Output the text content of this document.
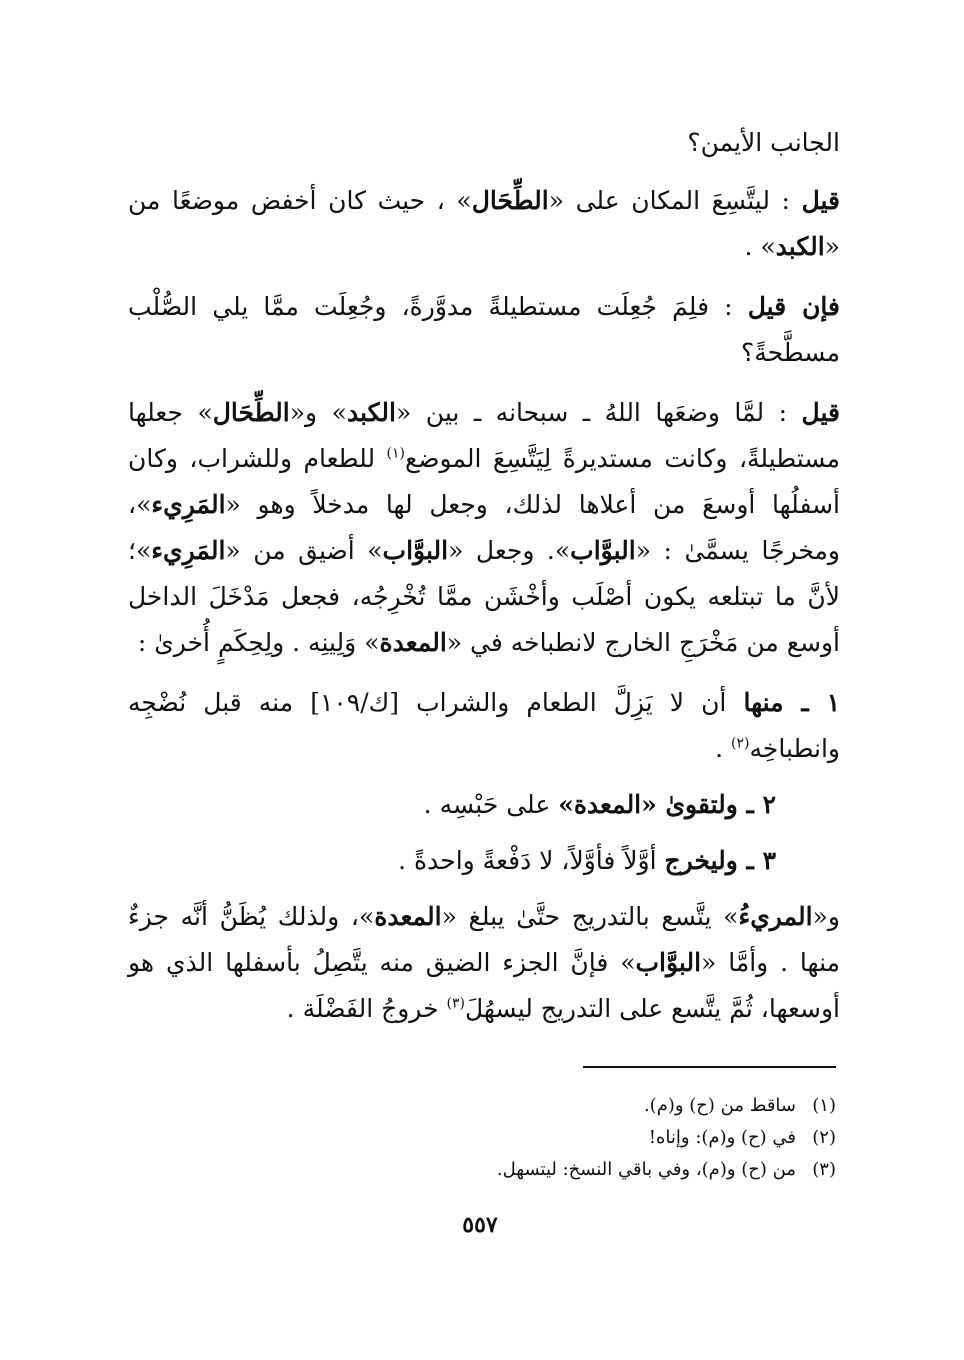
الجانب الأيمن؟

قيل : ليتَّسِعَ المكان على «الطِّحَال» ، حيث كان أخفض موضعًا من «الكبد» .

فإن قيل : فلِمَ جُعِلَت مستطيلةً مدوَّرةً، وجُعِلَت ممَّا يلي الصُّلْب مسطَّحةً؟

قيل : لمَّا وضعَها اللهُ ـ سبحانه ـ بين «الكبد» و«الطِّحَال» جعلها مستطيلةً، وكانت مستديرةً لِيَتَّسِعَ الموضع$^{(١)}$ للطعام وللشراب، وكان أسفلُها أوسعَ من أعلاها لذلك، وجعل لها مدخلاً وهو «المَرِيء»، ومخرجًا يسمَّىٰ : «البوَّاب». وجعل «البوَّاب» أضيق من «المَرِيء»؛ لأنَّ ما تبتلعه يكون أصْلَب وأخْشَن ممَّا تُخْرِجُه، فجعل مَدْخَلَ الداخل أوسع من مَخْرَجِ الخارج لانطباخه في «المعدة» وَلِينِه . ولِحِكَمٍ أُخرىٰ :

١ ـ منها أن لا يَزِلَّ الطعام والشراب [ك/١٠٩] منه قبل نُضْجِه وانطباخِه$^{(٢)}$ .

٢ ـ ولتقوىٰ «المعدة» على حَبْسِه .

٣ ـ وليخرج أوَّلاً فأوَّلاً، لا دَفْعةً واحدةً .

و«المريءُ» يتَّسع بالتدريج حتَّىٰ يبلغ «المعدة»، ولذلك يُظَنُّ أنَّه جزءٌ منها . وأمَّا «البوَّاب» فإنَّ الجزء الضيق منه يتَّصِلُ بأسفلها الذي هو أوسعها، ثُمَّ يتَّسع على التدريج ليسهُلَ$^{(٣)}$ خروجُ الفَضْلَة .

(١)ساقط من (ح) و(م).
(٢)في (ح) و(م): وإناه!
(٣)من (ح) و(م)، وفي باقي النسخ: ليتسهل.
٥٥٧
